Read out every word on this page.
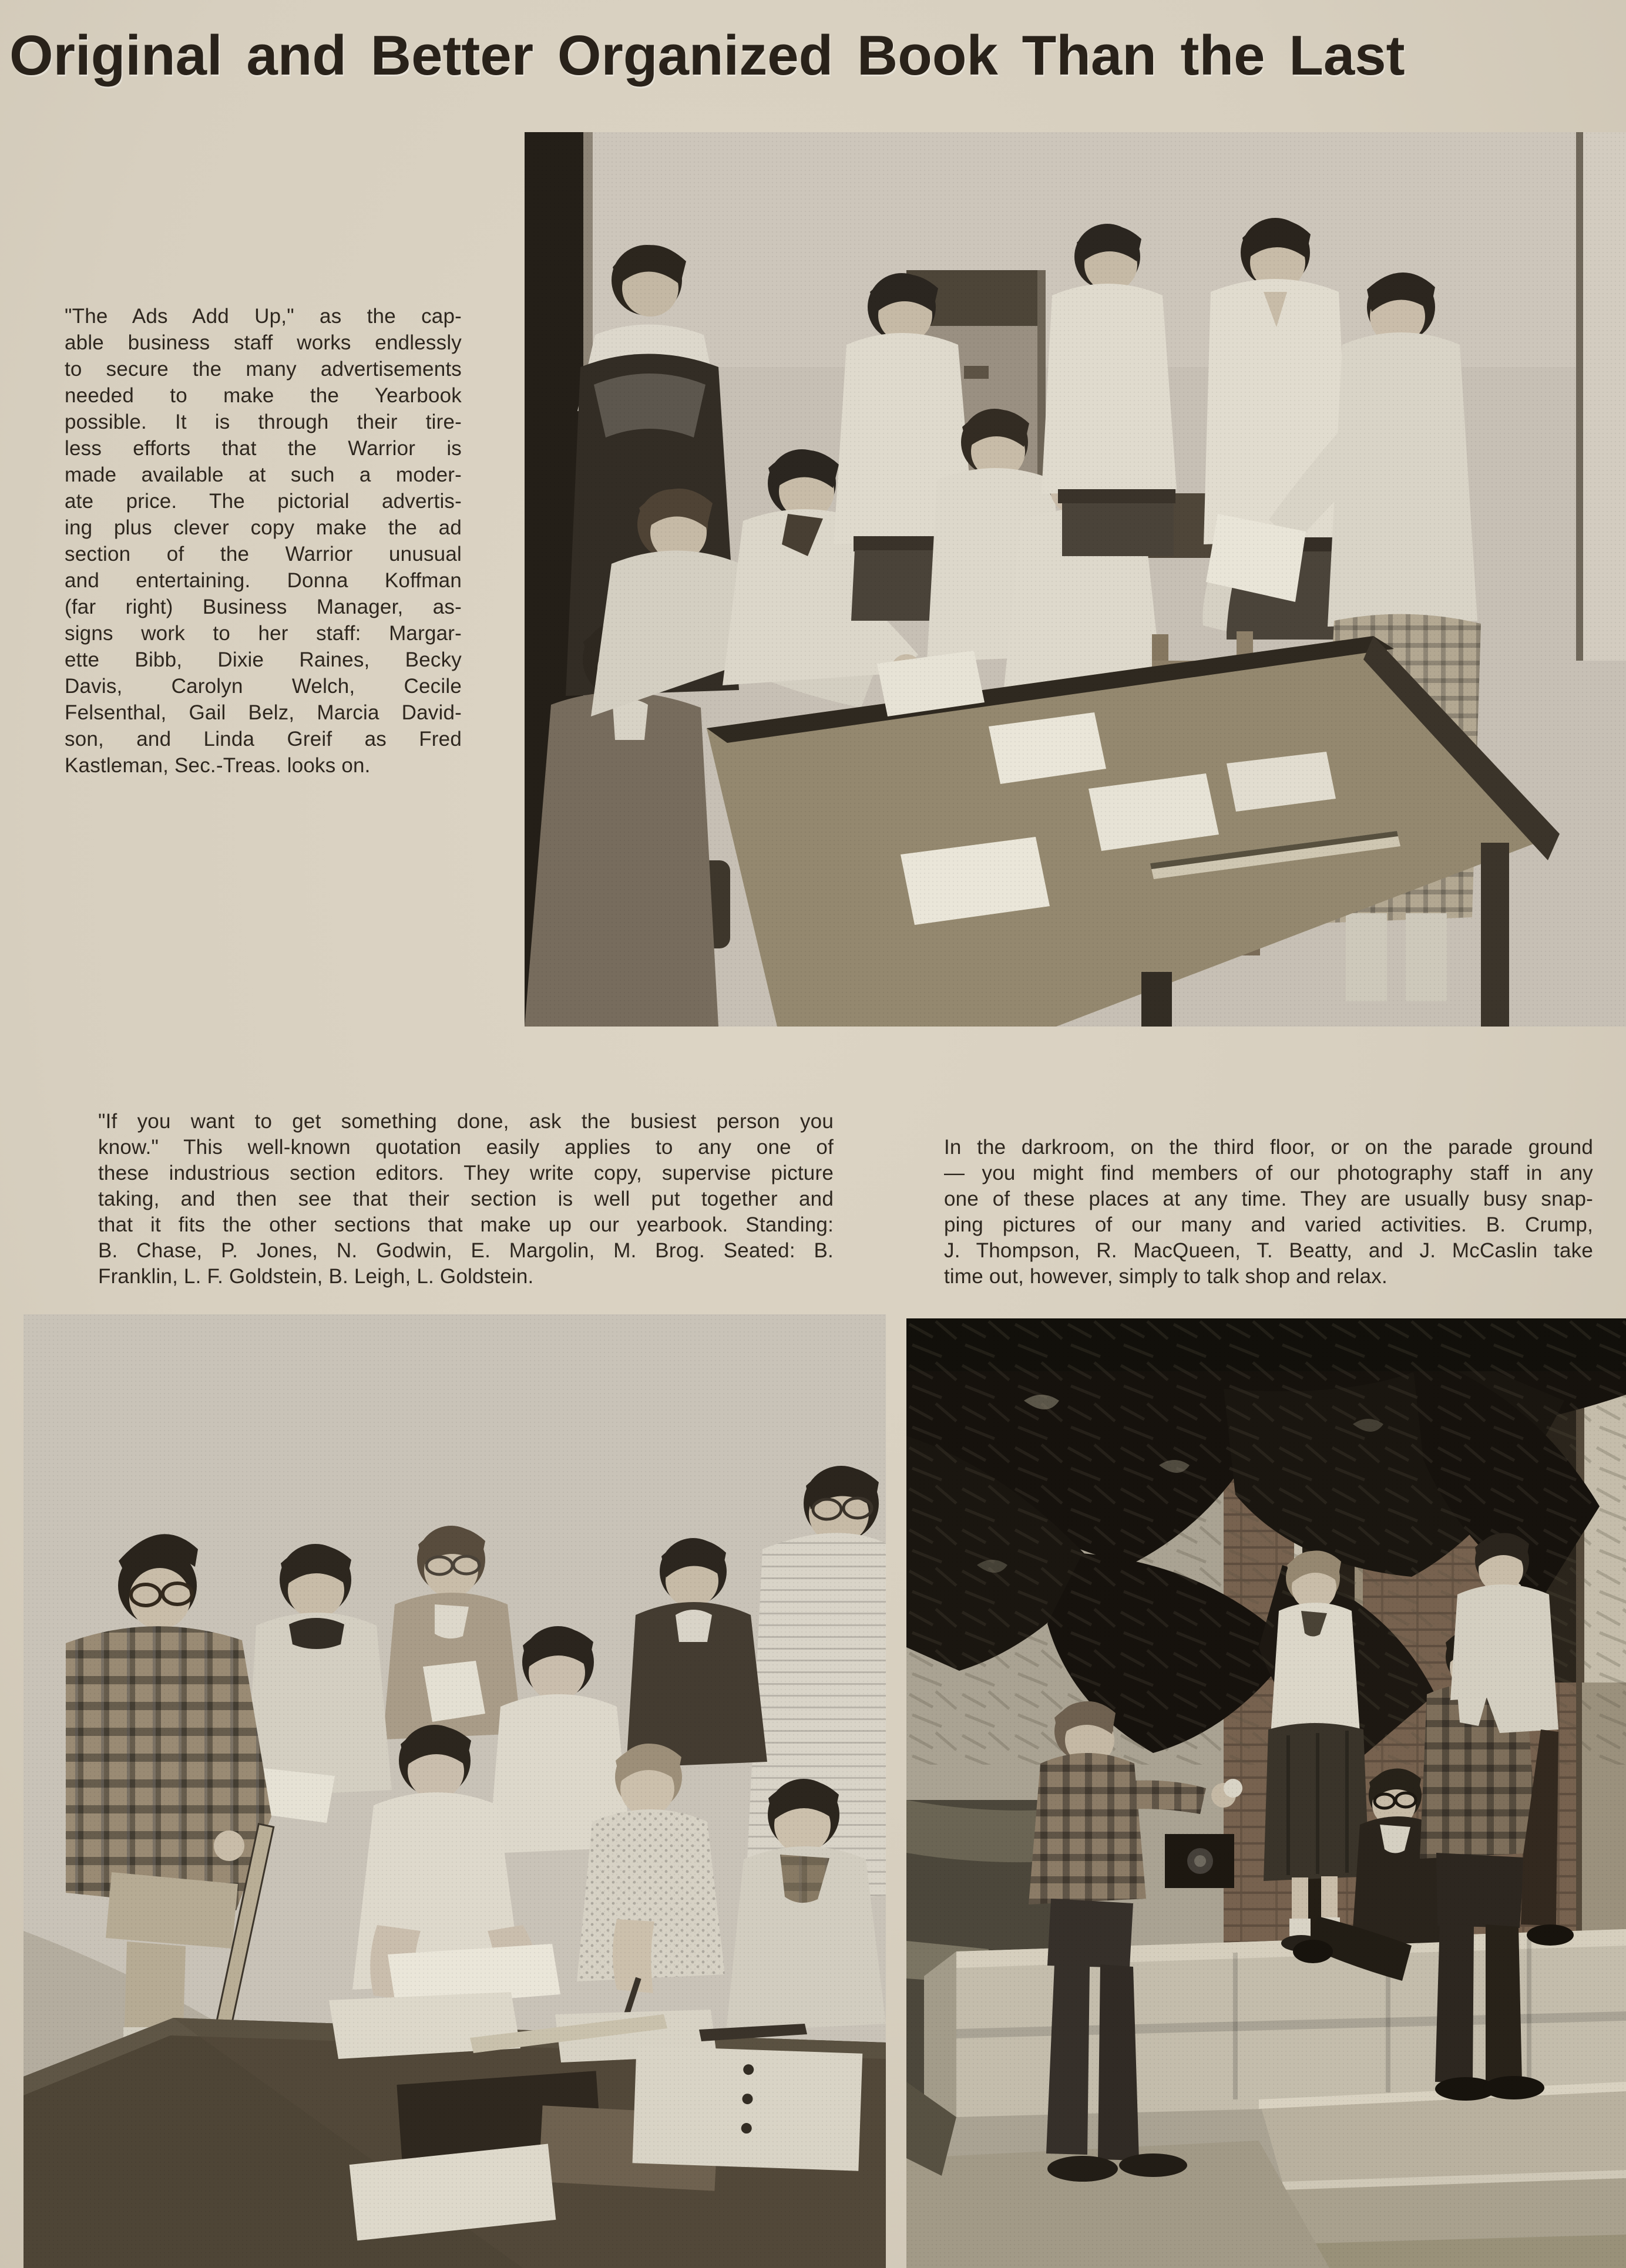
Original and Better Organized Book Than the Last
"The Ads Add Up," as the cap-
able business staff works endlessly
to secure the many advertisements
needed to make the Yearbook
possible. It is through their tire-
less efforts that the Warrior is
made available at such a moder-
ate price. The pictorial advertis-
ing plus clever copy make the ad
section of the Warrior unusual
and entertaining. Donna Koffman
(far right) Business Manager, as-
signs work to her staff: Margar-
ette Bibb, Dixie Raines, Becky
Davis, Carolyn Welch, Cecile
Felsenthal, Gail Belz, Marcia David-
son, and Linda Greif as Fred
Kastleman, Sec.-Treas. looks on.
"If you want to get something done, ask the busiest person you
know." This well-known quotation easily applies to any one of
these industrious section editors. They write copy, supervise picture
taking, and then see that their section is well put together and
that it fits the other sections that make up our yearbook. Standing:
B. Chase, P. Jones, N. Godwin, E. Margolin, M. Brog. Seated: B.
Franklin, L. F. Goldstein, B. Leigh, L. Goldstein.
In the darkroom, on the third floor, or on the parade ground
— you might find members of our photography staff in any
one of these places at any time. They are usually busy snap-
ping pictures of our many and varied activities. B. Crump,
J. Thompson, R. MacQueen, T. Beatty, and J. McCaslin take
time out, however, simply to talk shop and relax.
